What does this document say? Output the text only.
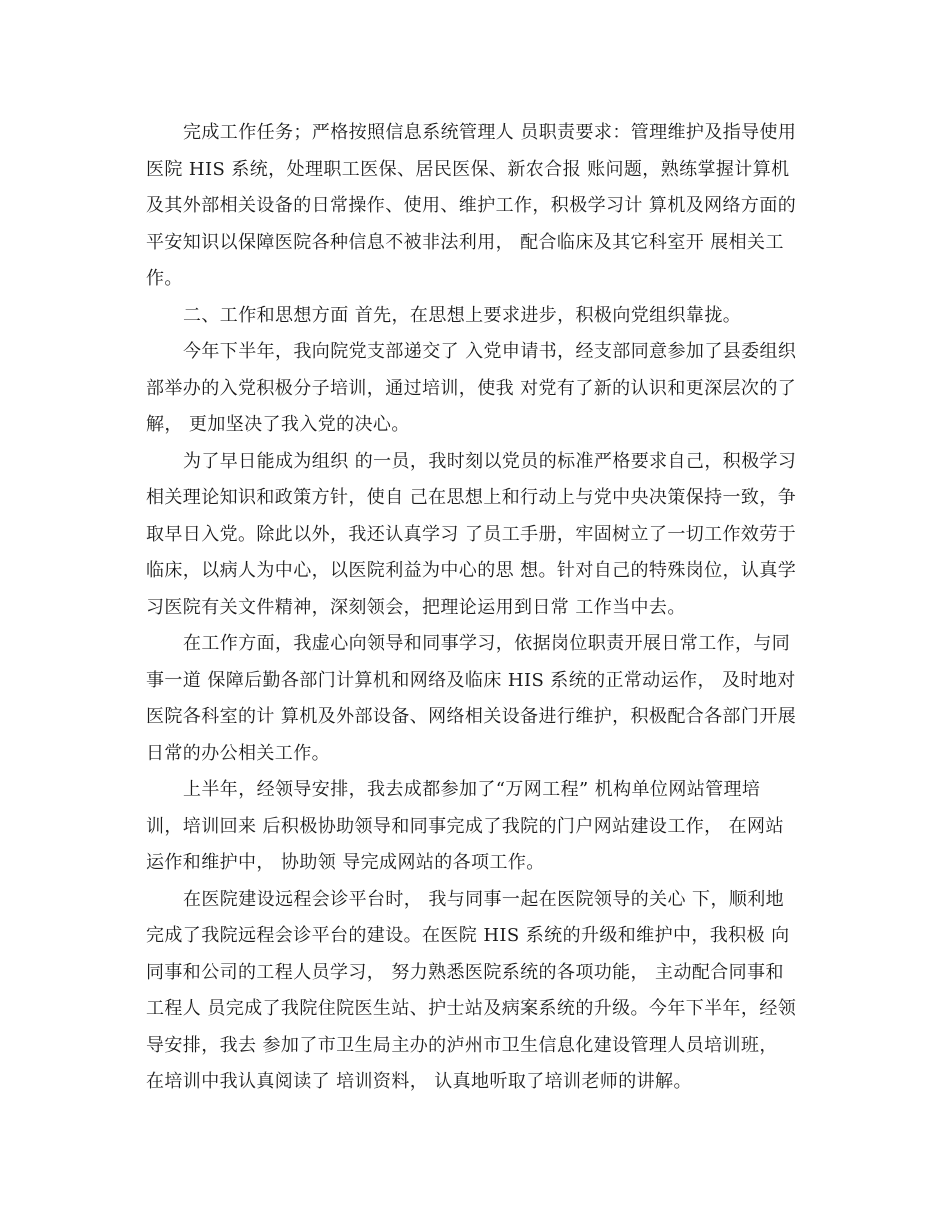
完成工作任务；严格按照信息系统管理人 员职责要求：管理维护及指导使用
医院 HIS 系统，处理职工医保、居民医保、新农合报 账问题，熟练掌握计算机
及其外部相关设备的日常操作、使用、维护工作，积极学习计 算机及网络方面的
平安知识以保障医院各种信息不被非法利用， 配合临床及其它科室开 展相关工
作。
二、工作和思想方面 首先，在思想上要求进步，积极向党组织靠拢。
今年下半年，我向院党支部递交了 入党申请书，经支部同意参加了县委组织
部举办的入党积极分子培训，通过培训，使我 对党有了新的认识和更深层次的了
解， 更加坚决了我入党的决心。
为了早日能成为组织 的一员，我时刻以党员的标准严格要求自己，积极学习
相关理论知识和政策方针，使自 己在思想上和行动上与党中央决策保持一致，争
取早日入党。除此以外，我还认真学习 了员工手册，牢固树立了一切工作效劳于
临床，以病人为中心，以医院利益为中心的思 想。针对自己的特殊岗位，认真学
习医院有关文件精神，深刻领会，把理论运用到日常 工作当中去。
在工作方面，我虚心向领导和同事学习，依据岗位职责开展日常工作，与同
事一道 保障后勤各部门计算机和网络及临床 HIS 系统的正常动运作， 及时地对
医院各科室的计 算机及外部设备、网络相关设备进行维护，积极配合各部门开展
日常的办公相关工作。
上半年，经领导安排，我去成都参加了“万网工程” 机构单位网站管理培
训，培训回来 后积极协助领导和同事完成了我院的门户网站建设工作， 在网站
运作和维护中， 协助领 导完成网站的各项工作。
在医院建设远程会诊平台时， 我与同事一起在医院领导的关心 下，顺利地
完成了我院远程会诊平台的建设。在医院 HIS 系统的升级和维护中，我积极 向
同事和公司的工程人员学习， 努力熟悉医院系统的各项功能， 主动配合同事和
工程人 员完成了我院住院医生站、护士站及病案系统的升级。今年下半年，经领
导安排，我去 参加了市卫生局主办的泸州市卫生信息化建设管理人员培训班，
在培训中我认真阅读了 培训资料， 认真地听取了培训老师的讲解。
